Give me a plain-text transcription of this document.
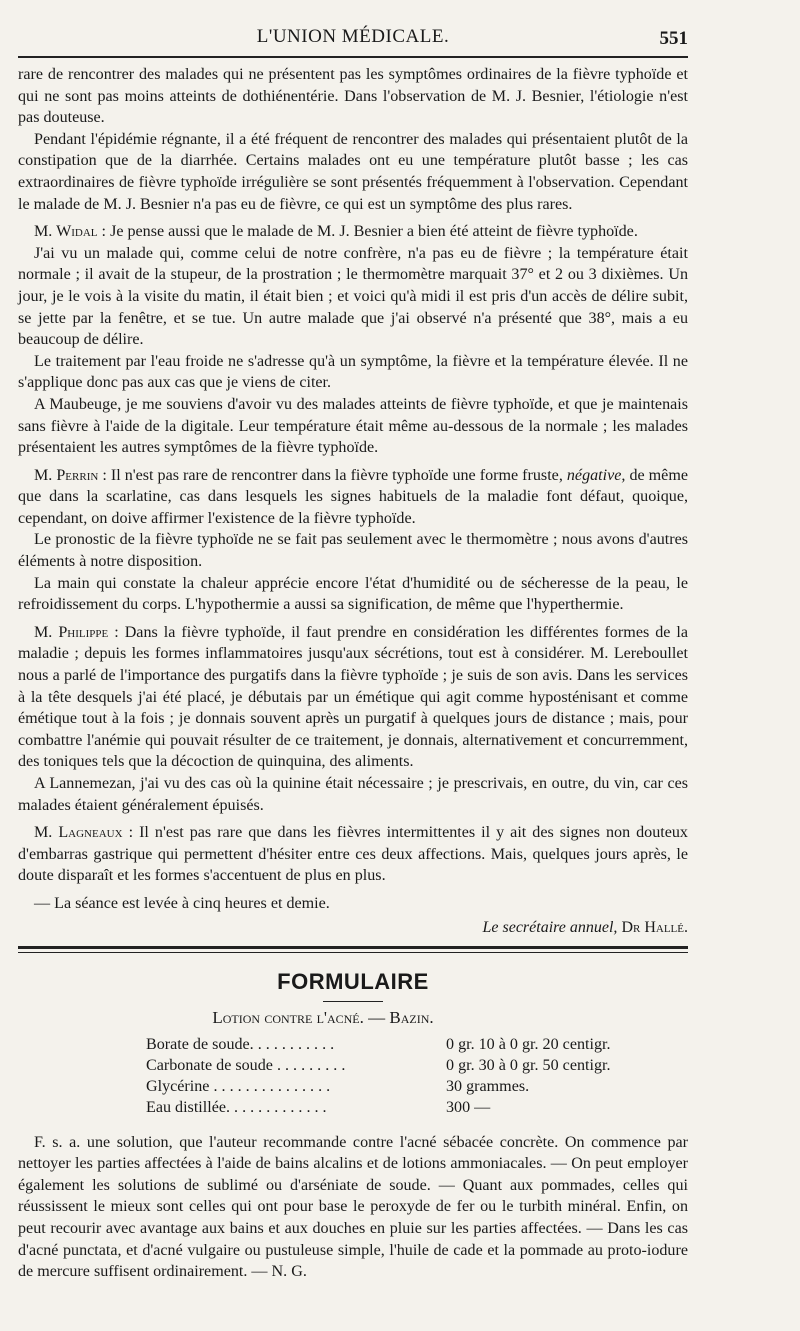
L'UNION MÉDICALE.	551

rare de rencontrer des malades qui ne présentent pas les symptômes ordinaires de la fièvre typhoïde et qui ne sont pas moins atteints de dothiénentérie. Dans l'observation de M. J. Besnier, l'étiologie n'est pas douteuse.

Pendant l'épidémie régnante, il a été fréquent de rencontrer des malades qui présentaient plutôt de la constipation que de la diarrhée. Certains malades ont eu une température plutôt basse ; les cas extraordinaires de fièvre typhoïde irrégulière se sont présentés fréquemment à l'observation. Cependant le malade de M. J. Besnier n'a pas eu de fièvre, ce qui est un symptôme des plus rares.

M. Widal : Je pense aussi que le malade de M. J. Besnier a bien été atteint de fièvre typhoïde.

J'ai vu un malade qui, comme celui de notre confrère, n'a pas eu de fièvre ; la température était normale ; il avait de la stupeur, de la prostration ; le thermomètre marquait 37° et 2 ou 3 dixièmes. Un jour, je le vois à la visite du matin, il était bien ; et voici qu'à midi il est pris d'un accès de délire subit, se jette par la fenêtre, et se tue. Un autre malade que j'ai observé n'a présenté que 38°, mais a eu beaucoup de délire.

Le traitement par l'eau froide ne s'adresse qu'à un symptôme, la fièvre et la température élevée. Il ne s'applique donc pas aux cas que je viens de citer.

A Maubeuge, je me souviens d'avoir vu des malades atteints de fièvre typhoïde, et que je maintenais sans fièvre à l'aide de la digitale. Leur température était même au-dessous de la normale ; les malades présentaient les autres symptômes de la fièvre typhoïde.

M. Perrin : Il n'est pas rare de rencontrer dans la fièvre typhoïde une forme fruste, négative, de même que dans la scarlatine, cas dans lesquels les signes habituels de la maladie font défaut, quoique, cependant, on doive affirmer l'existence de la fièvre typhoïde.

Le pronostic de la fièvre typhoïde ne se fait pas seulement avec le thermomètre ; nous avons d'autres éléments à notre disposition.

La main qui constate la chaleur apprécie encore l'état d'humidité ou de sécheresse de la peau, le refroidissement du corps. L'hypothermie a aussi sa signification, de même que l'hyperthermie.

M. Philippe : Dans la fièvre typhoïde, il faut prendre en considération les différentes formes de la maladie ; depuis les formes inflammatoires jusqu'aux sécrétions, tout est à considérer. M. Lereboullet nous a parlé de l'importance des purgatifs dans la fièvre typhoïde ; je suis de son avis. Dans les services à la tête desquels j'ai été placé, je débutais par un émétique qui agit comme hyposténisant et comme émétique tout à la fois ; je donnais souvent après un purgatif à quelques jours de distance ; mais, pour combattre l'anémie qui pouvait résulter de ce traitement, je donnais, alternativement et concurremment, des toniques tels que la décoction de quinquina, des aliments.

A Lannemezan, j'ai vu des cas où la quinine était nécessaire ; je prescrivais, en outre, du vin, car ces malades étaient généralement épuisés.

M. Lagneaux : Il n'est pas rare que dans les fièvres intermittentes il y ait des signes non douteux d'embarras gastrique qui permettent d'hésiter entre ces deux affections. Mais, quelques jours après, le doute disparaît et les formes s'accentuent de plus en plus.

— La séance est levée à cinq heures et demie.
Le secrétaire annuel, Dr Hallé.
FORMULAIRE
Lotion contre l'acné. — Bazin.
Borate de soude. . . . . . . . . . .	0 gr. 10 à 0 gr. 20 centigr.
Carbonate de soude . . . . . . . . .	0 gr. 30 à 0 gr. 50 centigr.
Glycérine . . . . . . . . . . . . . . .	30 grammes.
Eau distillée. . . . . . . . . . . . .	300 —

F. s. a. une solution, que l'auteur recommande contre l'acné sébacée concrète. On commence par nettoyer les parties affectées à l'aide de bains alcalins et de lotions ammoniacales. — On peut employer également les solutions de sublimé ou d'arséniate de soude. — Quant aux pommades, celles qui réussissent le mieux sont celles qui ont pour base le peroxyde de fer ou le turbith minéral. Enfin, on peut recourir avec avantage aux bains et aux douches en pluie sur les parties affectées. — Dans les cas d'acné punctata, et d'acné vulgaire ou pustuleuse simple, l'huile de cade et la pommade au proto-iodure de mercure suffisent ordinairement. — N. G.
